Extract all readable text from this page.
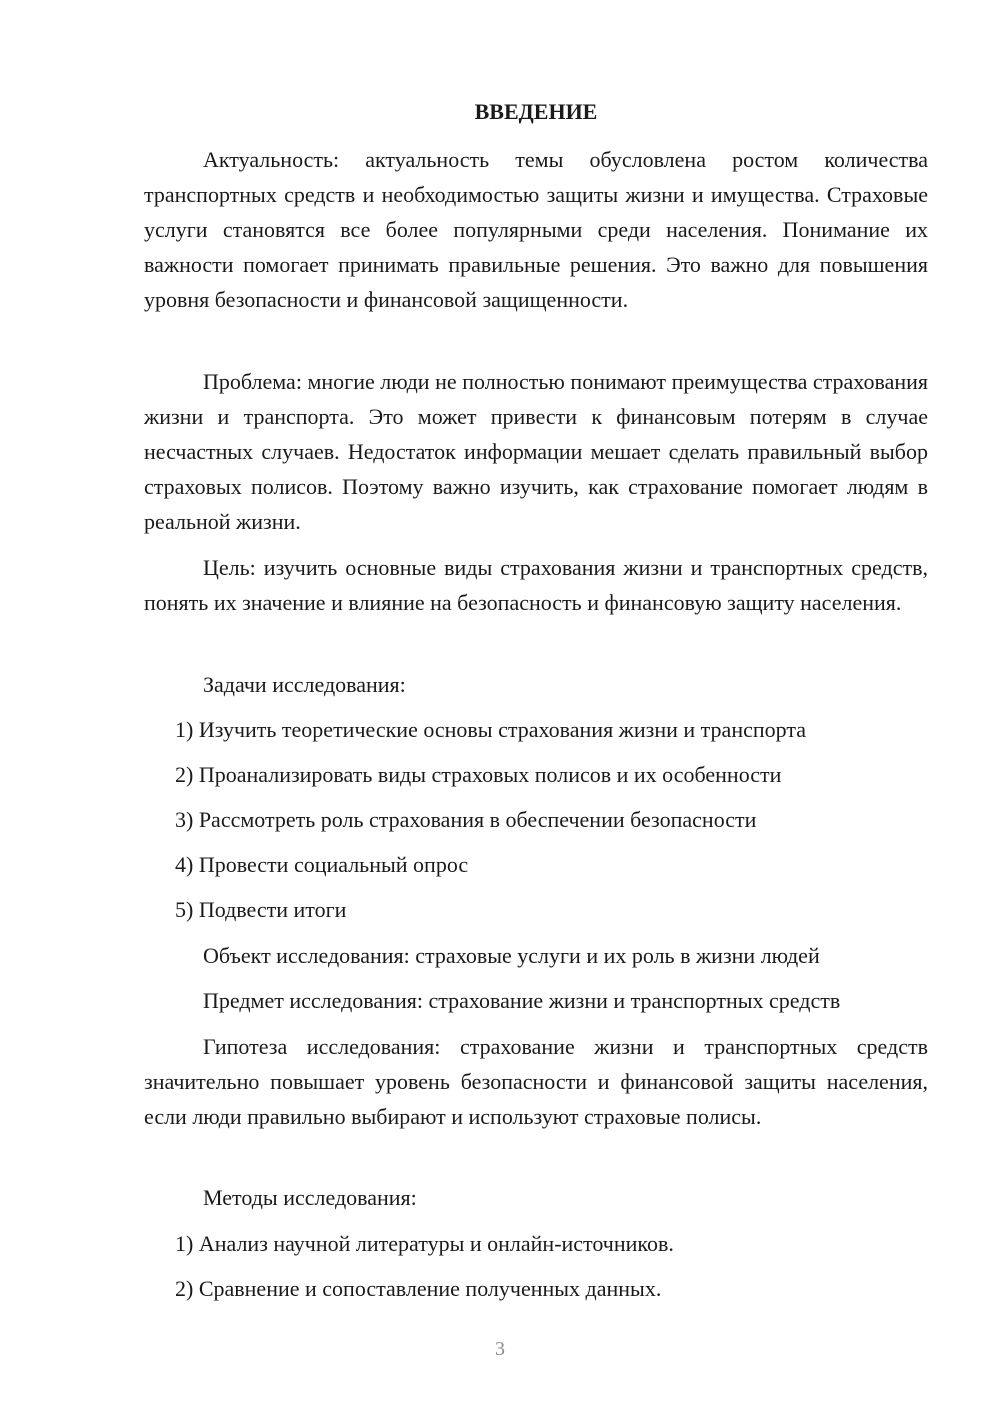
ВВЕДЕНИЕ

Актуальность: актуальность темы обусловлена ростом количества транспортных средств и необходимостью защиты жизни и имущества. Страховые услуги становятся все более популярными среди населения. Понимание их важности помогает принимать правильные решения. Это важно для повышения уровня безопасности и финансовой защищенности.

Проблема: многие люди не полностью понимают преимущества страхования жизни и транспорта. Это может привести к финансовым потерям в случае несчастных случаев. Недостаток информации мешает сделать правильный выбор страховых полисов. Поэтому важно изучить, как страхование помогает людям в реальной жизни.

Цель: изучить основные виды страхования жизни и транспортных средств, понять их значение и влияние на безопасность и финансовую защиту населения.

Задачи исследования:

1) Изучить теоретические основы страхования жизни и транспорта

2) Проанализировать виды страховых полисов и их особенности

3) Рассмотреть роль страхования в обеспечении безопасности

4) Провести социальный опрос

5) Подвести итоги

Объект исследования: страховые услуги и их роль в жизни людей

Предмет исследования: страхование жизни и транспортных средств

Гипотеза исследования: страхование жизни и транспортных средств значительно повышает уровень безопасности и финансовой защиты населения, если люди правильно выбирают и используют страховые полисы.

Методы исследования:

1) Анализ научной литературы и онлайн-источников.

2) Сравнение и сопоставление полученных данных.

3
